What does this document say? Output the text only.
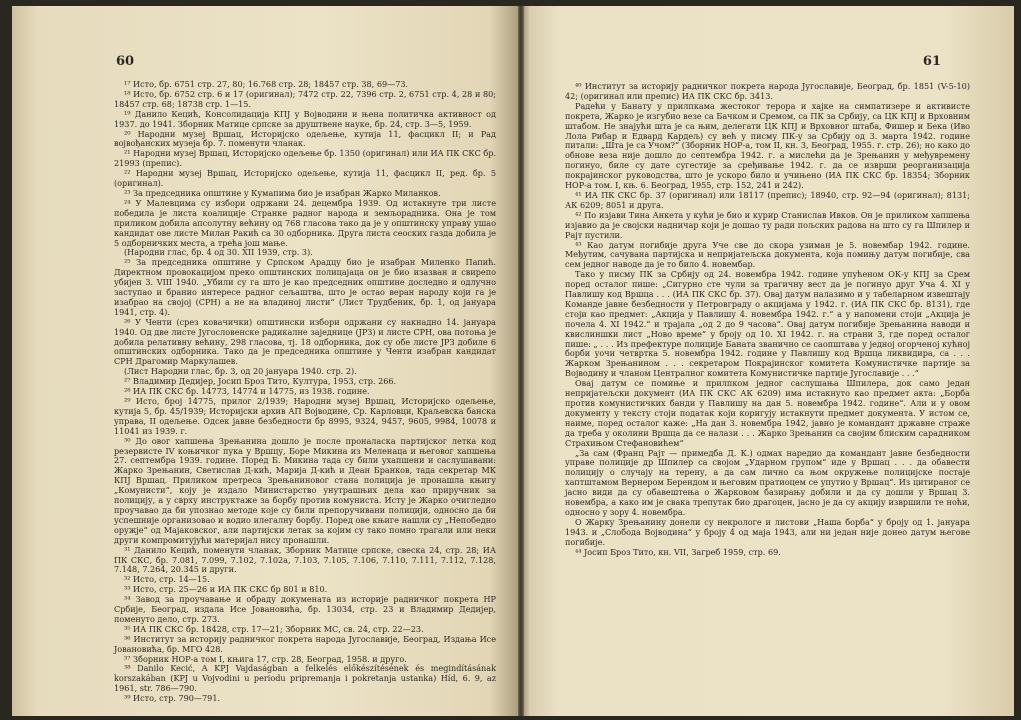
60

¹⁷ Исто, бр. 6751 стр. 27, 80; 16.768 стр. 28; 18457 стр. 38, 69—73.

¹⁸ Исто, бр. 6752 стр. 6 и 17 (оригинал); 7472 стр. 22, 7396 стр. 2, 6751 стр. 4, 28 и 80; 18457 стр. 68; 18738 стр. 1—15.

¹⁹ Данило Кецић, Консолидација КПЈ у Војводини и њена политичка активност од 1937. до 1941. Зборник Матице српске за друштвене науке, бр. 24, стр. 3—5, 1959.

²⁰ Народни музеј Вршац, Историјско одељење, кутија 11, фасцикл II; и Рад војвођанских музеја бр. 7. поменути чланак.

²¹ Народни музеј Вршац, Историјско одељење бр. 1350 (оригинал) или ИА ПК СКС бр. 21993 (препис).

²² Народни музеј Вршац, Историјско одељење, кутија 11, фасцикл II, ред. бр. 5 (оригинал).

²³ За председника општине у Кумапима био је изабран Жарко Миланков.

²⁴ У Малевцима су избори одржани 24. децембра 1939. Од истакнуте три листе победила је листа коалиције Странке радног народа и земљорадника. Она је том приликом добила апсолутну већину од 768 гласова тако да је у општинску управу ушао кандидат ове листе Милан Ракић са 30 одборника. Друга листа сеоских газда добила је 5 одборничких места, а трећа још мање.

(Народни глас, бр. 4 од 30. XII 1939, стр. 3).

²⁵ За председника општине у Српском Арадцу био је изабран Миленко Папић. Директном провокацијом преко општинских полицајаца он је био изазван и свирепо убијен 3. VIII 1940. „Убили су га што је као председник општине доследно и одлучно заступао и бранио интересе радног сељаштва, што је остао веран народу који га је изабрао на својој (СРН) а не на владиној листи“ (Лист Трудбеник, бр. 1, од јануара 1941, стр. 4).

²⁶ У Ченти (срез ковачички) општински избори одржани су накнадно 14. јануара 1940. Од две листе Југословенске радикалне заједнице (ЈРЗ) и листе СРН, ова потоња је добила релативну већину, 298 гласова, тј. 18 одборника, док су обе листе ЈРЗ добиле 6 општинских одборника. Тако да је председника општине у Ченти изабран кандидат СРН Драгомир Маркулашев.

(Лист Народни глас, бр. 3, од 20 јануара 1940. стр. 2).

²⁷ Владимир Дедијер, Јосип Броз Тито, Култура, 1953, стр. 266.

²⁸ ИА ПК СКС бр. 14773, 14774 и 14775, из 1938. године.

²⁹ Исто, број 14775, прилог 2/1939; Народни музеј Вршац, Историјско одељење, кутија 5, бр. 45/1939; Историјски архив АП Војводине, Ср. Карловци, Краљевска банска управа, II одељење. Одсек јавне безбедности бр 8995, 9324, 9457, 9605, 9984, 10078 и 11041 из 1939. г.

³⁰ До овог хапшења Зрењанина дошло је после проналаска партијског летка код резервисте IV коњичког пука у Вршцу, Боре Микина из Меленаца и његовог хапшења 27. септембра 1939. године. Поред Б. Микина тада су били ухапшени и саслушавани: Жарко Зрењанин, Светислав Д-кић, Марија Д-кић и Деан Бранков, тада секретар МК КПЈ Вршац. Приликом претреса Зрењаниновог стана полиција је пронашла књигу „Комунисти“, коју је издало Министарство унутрашњих дела као приручник за полицију, а у сврху инструктаже за борбу против комуниста. Исту је Жарко очигледно проучавао да би упознао методе које су били препоручивани полицији, односно да би успешније организовао и водио илегалну борбу. Поред ове књиге нашли су „Непобедно оружје“ од Мајаковског, али партијски летак за којим су тако помно трагали или неки други компромитујући материјал нису пронашли.

³¹ Данило Кецић, поменути чланак, Зборник Матице српске, свеска 24, стр. 28; ИА ПК СКС, бр. 7.081, 7.099, 7.102, 7.102а, 7.103, 7.105, 7.106, 7.110, 7.111, 7.112, 7.128, 7.148, 7.264, 20.345 и други.

³² Исто, стр. 14—15.

³³ Исто, стр. 25—26 и ИА ПК СКС бр 801 и 810.

³⁴ Завод за проучавање и обраду докумената из историје радничког покрета НР Србије, Београд, издала Исе Јовановића, бр. 13034, стр. 23 и Владимир Дедијер, поменуто дело, стр. 273.

³⁵ ИА ПК СКС бр. 18428, стр. 17—21; Зборник МС, св. 24, стр. 22—23.

³⁶ Институт за историју радничког покрета народа Југославије, Београд, Издања Исе Јовановића, бр. МГО 428.

³⁷ Зборник НОР-а том I, књига 17, стр. 28, Београд, 1958. и друго.

³⁸ Danilo Kecić, A KPJ Vajdaságban a felkelés előkészítésének és megindításának korszakában (KPJ u Vojvodini u periodu pripremanja i pokretanja ustanka) Híd, 6. 9, az 1961, str. 786—790.

³⁹ Исто, стр. 790—791.

61

⁴⁰ Институт за историју радничког покрета народа Југославије, Београд, бр. 1851 (V-5-10) 42; (оригинал или препис) ИА ПК СКС бр. 3413.

Радећи у Банату у прилпкама жестоког терора и хајке на симпатизере и активисте покрета, Жарко је изгубио везе са Бачком и Сремом, са ПК за Србију, са ЦК КПЈ и Врховним штабом. Не знајући шта је са њим, делегати ЦК КПЈ и Врховног штаба, Фишер и Бека (Иво Лола Рибар и Едвард Кардељ) су већ у писму ПК-у за Србију од 3. марта 1942. године питали: „Шта је са Учом?“ (Зборник НОР-а, том II, кн. 3, Београд, 1955. г. стр. 26); но како до обнове веза није дошло до септембра 1942. г. а мислећи да је Зрењанин у међувремену погинуо, биле су дате сугестије за сређивање 1942. г. да се изврши реорганизација покрајинског руководства, што је ускоро било и учињено (ИА ПК СКС бр. 18354; Зборник НОР-а том. I, књ. 6. Београд, 1955, стр. 152, 241 и 242).

⁴¹ ИА ПК СКС бр. 37 (оригинал) или 18117 (препис); 18940, стр. 92—94 (оригинал); 8131; АК 6209; 8051 и друга.

⁴² По изјави Тина Анкета у кући је био и курир Станислав Ивков. Он је приликом хапшења изјавио да је својски надничар који је дошао ту ради пољских радова на што су га Шпилер и Рајт пустили.

⁴³ Као датум погибије друга Уче све до скора узиман је 5. новембар 1942. године. Међутим, сачувана партијска и непријатељска документа, која помињу датум погибије, сва сем једног наводе да је то било 4. новембар.

Тако у писму ПК за Србију од 24. новембра 1942. године упућеном ОК-у КПЈ за Срем поред осталог пише: „Сигурно сте чули за трагичну вест да је погинуо друг Уча 4. XI у Павлишу код Вршца . . . (ИА ПК СКС бр. 37). Овај датум налазимо и у табеларном извештају Команде јавне безбедности у Петровграду о акцијама у 1942. г. (ИА ПК СКС бр. 8131), где стоји као предмет: „Акција у Павлишу 4. новембра 1942. г.“ а у напомени стоји „Акција је почела 4. XI 1942.“ и трајала „од 2 до 9 часова“. Овај датум погибије Зрењанина наводи и квислиншки лист „Ново време“ у броју од 10. XI 1942. г. на страни 3, где поред осталог пише: „ . . . Из префектуре полиције Баната званично се саопштава у једној огорченој кућној борби уочи четвртка 5. новембра 1942. године у Павлишу код Вршца ликвидира, са . . . Жарком Зрењанином . . . секретаром Покрајинског комитета Комунистичке партије за Војводину и чланом Централног комитета Комунистичке партије Југославије . . .“

Овај датум се помиње и прилпком једног саслушања Шпилера, док само један непријатељски документ (ИА ПК СКС АК 6209) има истакнуто као предмет акта: „Борба против комунистичких банди у Павлишу на дан 5. новембра 1942. године“. Али и у овом документу у тексту стоји податак који коригују истакнути предмет документа. У истом се, наиме, поред осталог каже: „На дан 3. новембра 1942, јавно је командант државне страже да треба у околини Вршца да се налази . . . Жарко Зрењанин са својим блиским сарадником Страхињом Стефановићем“

„За сам (Франц Рајт — примедба Д. К.) одмах наредио да командант јавне безбедности управе полиције др Шпилер са својом „Ударном групом“ иде у Вршац . . . да обавести полицију о случају на терену, а да сам лично са њом окружење полицијске постаје хаптштамом Вернером Берендом и његовим пратиоцем се упутио у Вршац“. Из цитираног се јасно види да су обавештења о Жарковом базирању добили и да су дошли у Вршац 3. новембра, а како им је свака трепутак био драгоцен, јасно је да су акцију извршили те ноћи, односно у зору 4. новембра.

О Жарку Зрењанину донели су некрологе и листови „Наша борба“ у броју од 1. јануара 1943. и „Слобода Војводина“ у броју 4 од маја 1943, али ни један није донео датум његове погибије.

⁴⁴ Јосип Броз Тито, кн. VII, Загреб 1959, стр. 69.
